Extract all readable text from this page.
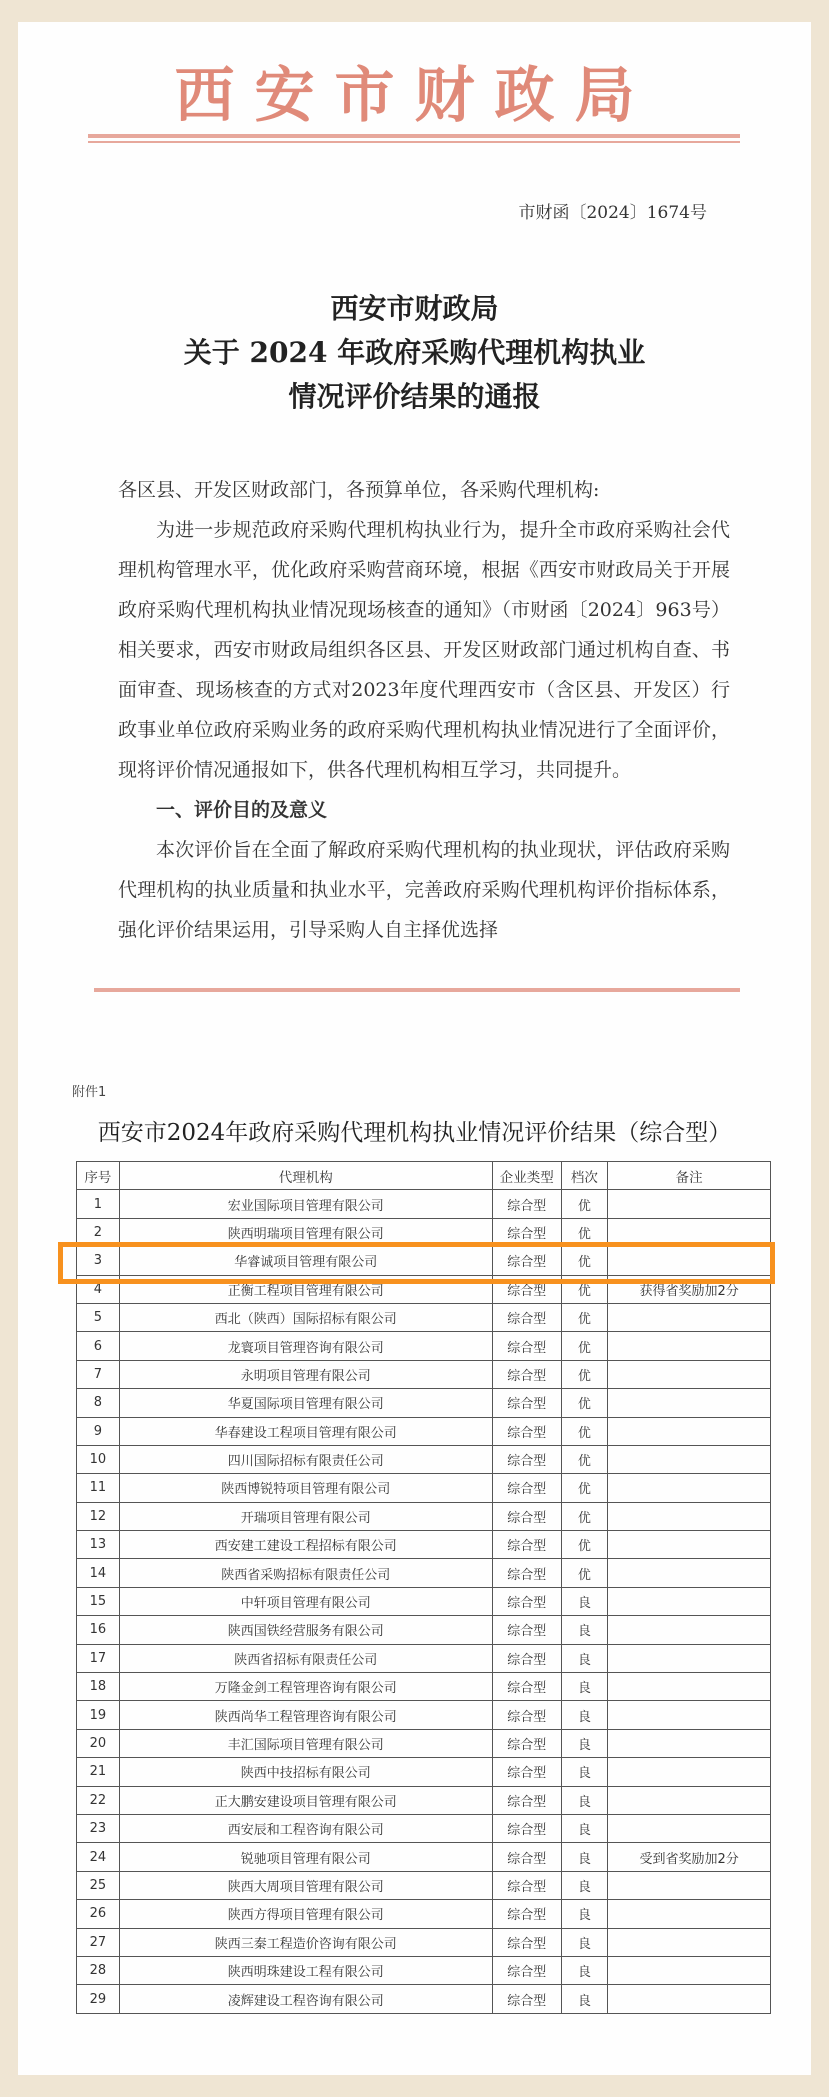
西安市财政局
市财函〔2024〕1674号
西安市财政局
关于 2024 年政府采购代理机构执业
情况评价结果的通报

各区县、开发区财政部门，各预算单位，各采购代理机构:

为进一步规范政府采购代理机构执业行为，提升全市政府采购社会代理机构管理水平，优化政府采购营商环境，根据《西安市财政局关于开展政府采购代理机构执业情况现场核查的通知》（市财函〔2024〕963号）相关要求，西安市财政局组织各区县、开发区财政部门通过机构自查、书面审查、现场核查的方式对2023年度代理西安市（含区县、开发区）行政事业单位政府采购业务的政府采购代理机构执业情况进行了全面评价，现将评价情况通报如下，供各代理机构相互学习，共同提升。

一、评价目的及意义

本次评价旨在全面了解政府采购代理机构的执业现状，评估政府采购代理机构的执业质量和执业水平，完善政府采购代理机构评价指标体系，强化评价结果运用，引导采购人自主择优选择

附件1
西安市2024年政府采购代理机构执业情况评价结果（综合型）
序号	代理机构	企业类型	档次	备注
1	宏业国际项目管理有限公司	综合型	优	
2	陕西明瑞项目管理有限公司	综合型	优	
3	华睿诚项目管理有限公司	综合型	优	
4	正衡工程项目管理有限公司	综合型	优	获得省奖励加2分
5	西北（陕西）国际招标有限公司	综合型	优	
6	龙寰项目管理咨询有限公司	综合型	优	
7	永明项目管理有限公司	综合型	优	
8	华夏国际项目管理有限公司	综合型	优	
9	华春建设工程项目管理有限公司	综合型	优	
10	四川国际招标有限责任公司	综合型	优	
11	陕西博锐特项目管理有限公司	综合型	优	
12	开瑞项目管理有限公司	综合型	优	
13	西安建工建设工程招标有限公司	综合型	优	
14	陕西省采购招标有限责任公司	综合型	优	
15	中轩项目管理有限公司	综合型	良	
16	陕西国铁经营服务有限公司	综合型	良	
17	陕西省招标有限责任公司	综合型	良	
18	万隆金剑工程管理咨询有限公司	综合型	良	
19	陕西尚华工程管理咨询有限公司	综合型	良	
20	丰汇国际项目管理有限公司	综合型	良	
21	陕西中技招标有限公司	综合型	良	
22	正大鹏安建设项目管理有限公司	综合型	良	
23	西安辰和工程咨询有限公司	综合型	良	
24	锐驰项目管理有限公司	综合型	良	受到省奖励加2分
25	陕西大周项目管理有限公司	综合型	良	
26	陕西方得项目管理有限公司	综合型	良	
27	陕西三秦工程造价咨询有限公司	综合型	良	
28	陕西明珠建设工程有限公司	综合型	良	
29	凌辉建设工程咨询有限公司	综合型	良	
